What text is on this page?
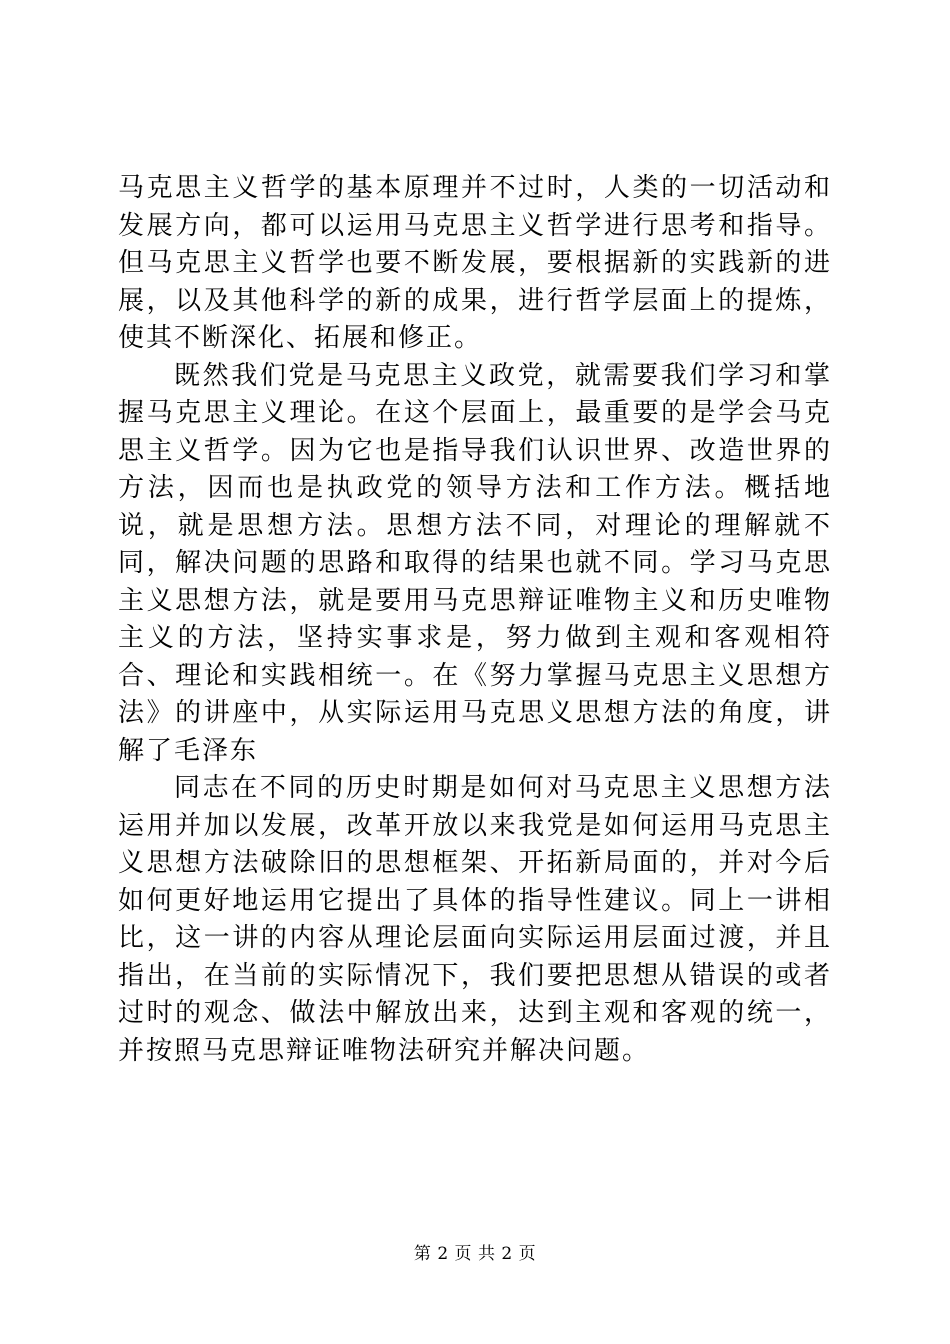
马克思主义哲学的基本原理并不过时，人类的一切活动和发展方向，都可以运用马克思主义哲学进行思考和指导。但马克思主义哲学也要不断发展，要根据新的实践新的进展，以及其他科学的新的成果，进行哲学层面上的提炼，使其不断深化、拓展和修正。

既然我们党是马克思主义政党，就需要我们学习和掌握马克思主义理论。在这个层面上，最重要的是学会马克思主义哲学。因为它也是指导我们认识世界、改造世界的方法，因而也是执政党的领导方法和工作方法。概括地说，就是思想方法。思想方法不同，对理论的理解就不同，解决问题的思路和取得的结果也就不同。学习马克思主义思想方法，就是要用马克思辩证唯物主义和历史唯物主义的方法，坚持实事求是，努力做到主观和客观相符合、理论和实践相统一。在《努力掌握马克思主义思想方法》的讲座中，从实际运用马克思义思想方法的角度，讲解了毛泽东

同志在不同的历史时期是如何对马克思主义思想方法运用并加以发展，改革开放以来我党是如何运用马克思主义思想方法破除旧的思想框架、开拓新局面的，并对今后如何更好地运用它提出了具体的指导性建议。同上一讲相比，这一讲的内容从理论层面向实际运用层面过渡，并且指出，在当前的实际情况下，我们要把思想从错误的或者过时的观念、做法中解放出来，达到主观和客观的统一，并按照马克思辩证唯物法研究并解决问题。

第 2 页 共 2 页
